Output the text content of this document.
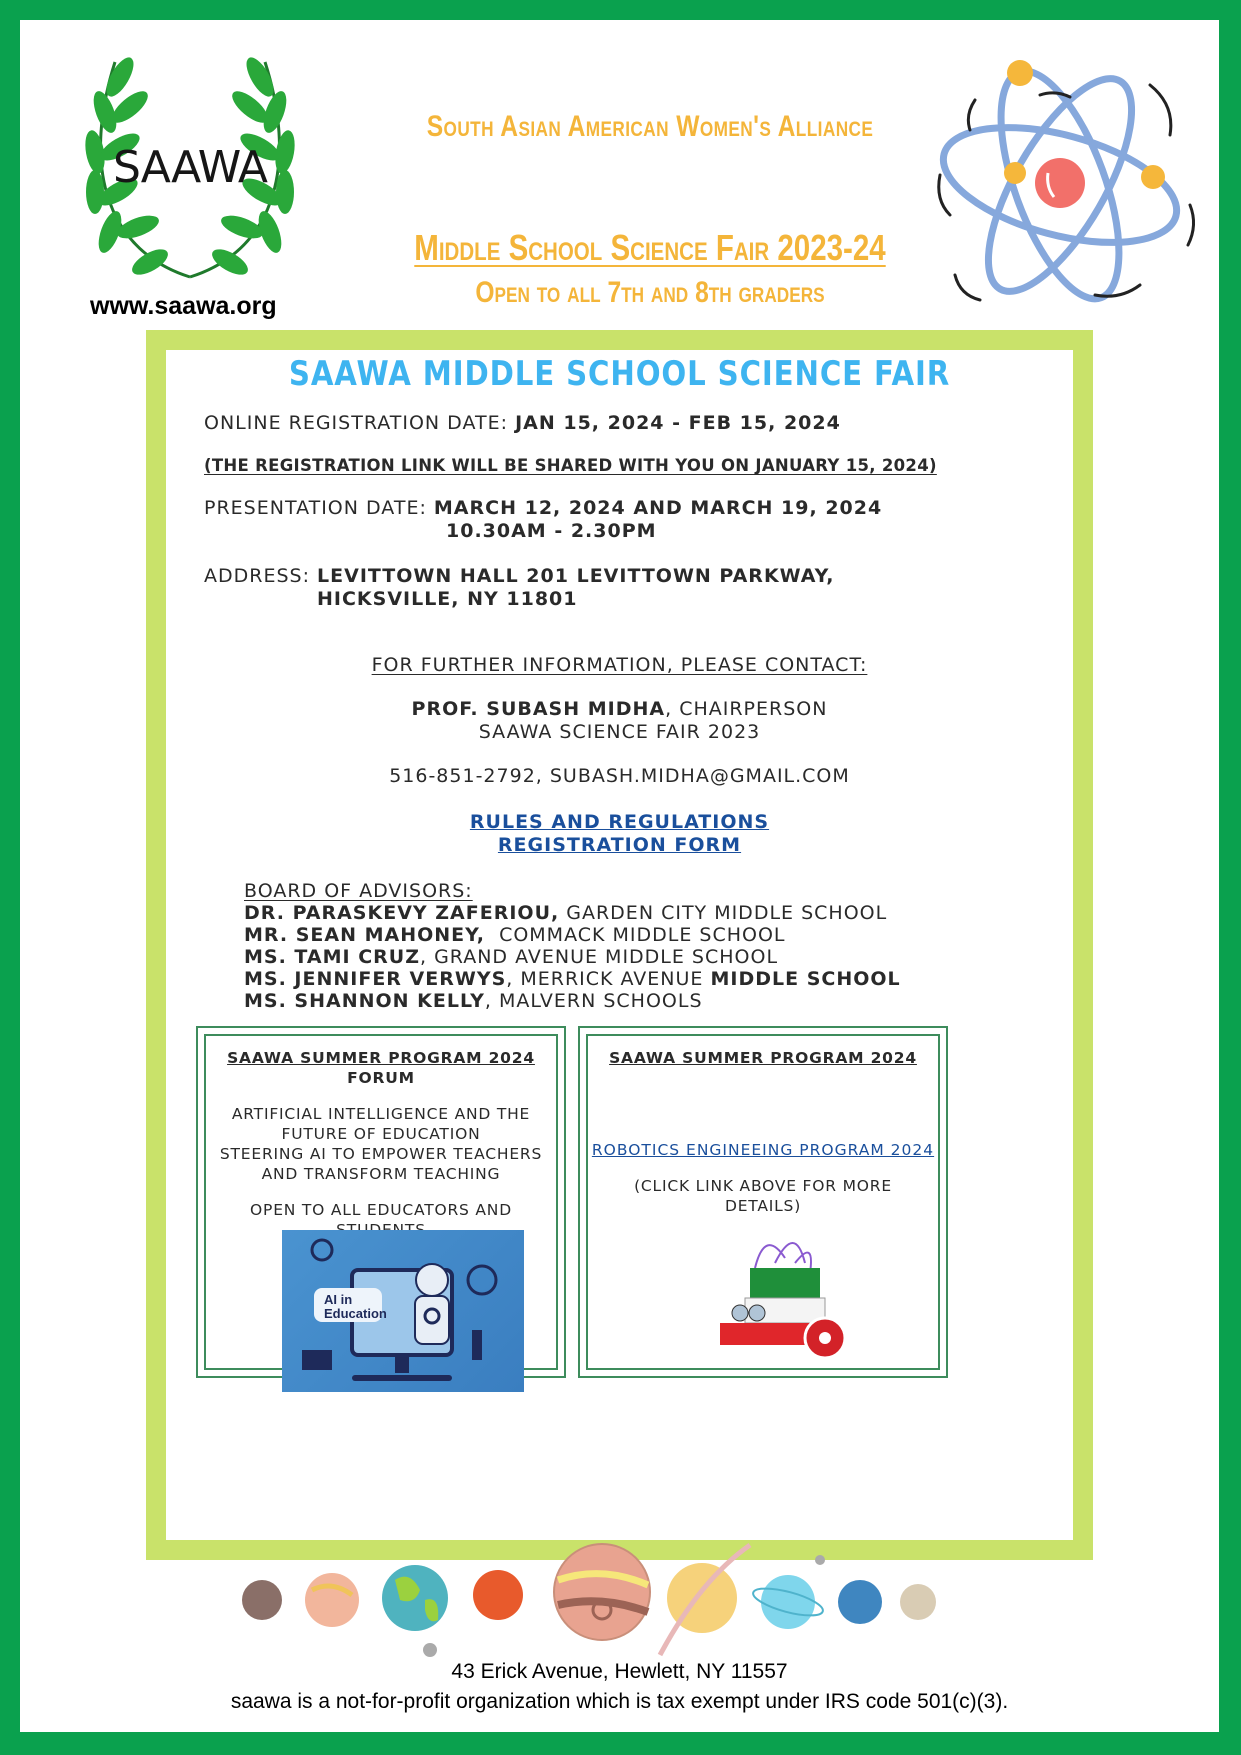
SAAWA
www.saawa.org
South Asian American Women's Alliance
Middle School Science Fair 2023-24
Open to all 7th and 8th graders
SAAWA MIDDLE SCHOOL SCIENCE FAIR
ONLINE REGISTRATION DATE: JAN 15, 2024 - FEB 15, 2024
(THE REGISTRATION LINK WILL BE SHARED WITH YOU ON JANUARY 15, 2024)
PRESENTATION DATE: MARCH 12, 2024 AND MARCH 19, 2024
10.30AM - 2.30PM
ADDRESS: LEVITTOWN HALL 201 LEVITTOWN PARKWAY,
HICKSVILLE, NY 11801
FOR FURTHER INFORMATION, PLEASE CONTACT:
PROF. SUBASH MIDHA, CHAIRPERSON
SAAWA SCIENCE FAIR 2023
516-851-2792, SUBASH.MIDHA@GMAIL.COM
RULES AND REGULATIONS
REGISTRATION FORM
BOARD OF ADVISORS:
DR. PARASKEVY ZAFERIOU, GARDEN CITY MIDDLE SCHOOL
MR. SEAN MAHONEY,  COMMACK MIDDLE SCHOOL
MS. TAMI CRUZ, GRAND AVENUE MIDDLE SCHOOL
MS. JENNIFER VERWYS, MERRICK AVENUE MIDDLE SCHOOL
MS. SHANNON KELLY, MALVERN SCHOOLS
SAAWA SUMMER PROGRAM 2024
FORUM
ARTIFICIAL INTELLIGENCE AND THE
FUTURE OF EDUCATION
STEERING AI TO EMPOWER TEACHERS
AND TRANSFORM TEACHING
OPEN TO ALL EDUCATORS AND
AI in
Education
SAAWA SUMMER PROGRAM 2024
ROBOTICS ENGINEEING PROGRAM 2024
(CLICK LINK ABOVE FOR MORE
DETAILS)
43 Erick Avenue, Hewlett, NY 11557
saawa is a not-for-profit organization which is tax exempt under IRS code 501(c)(3).
